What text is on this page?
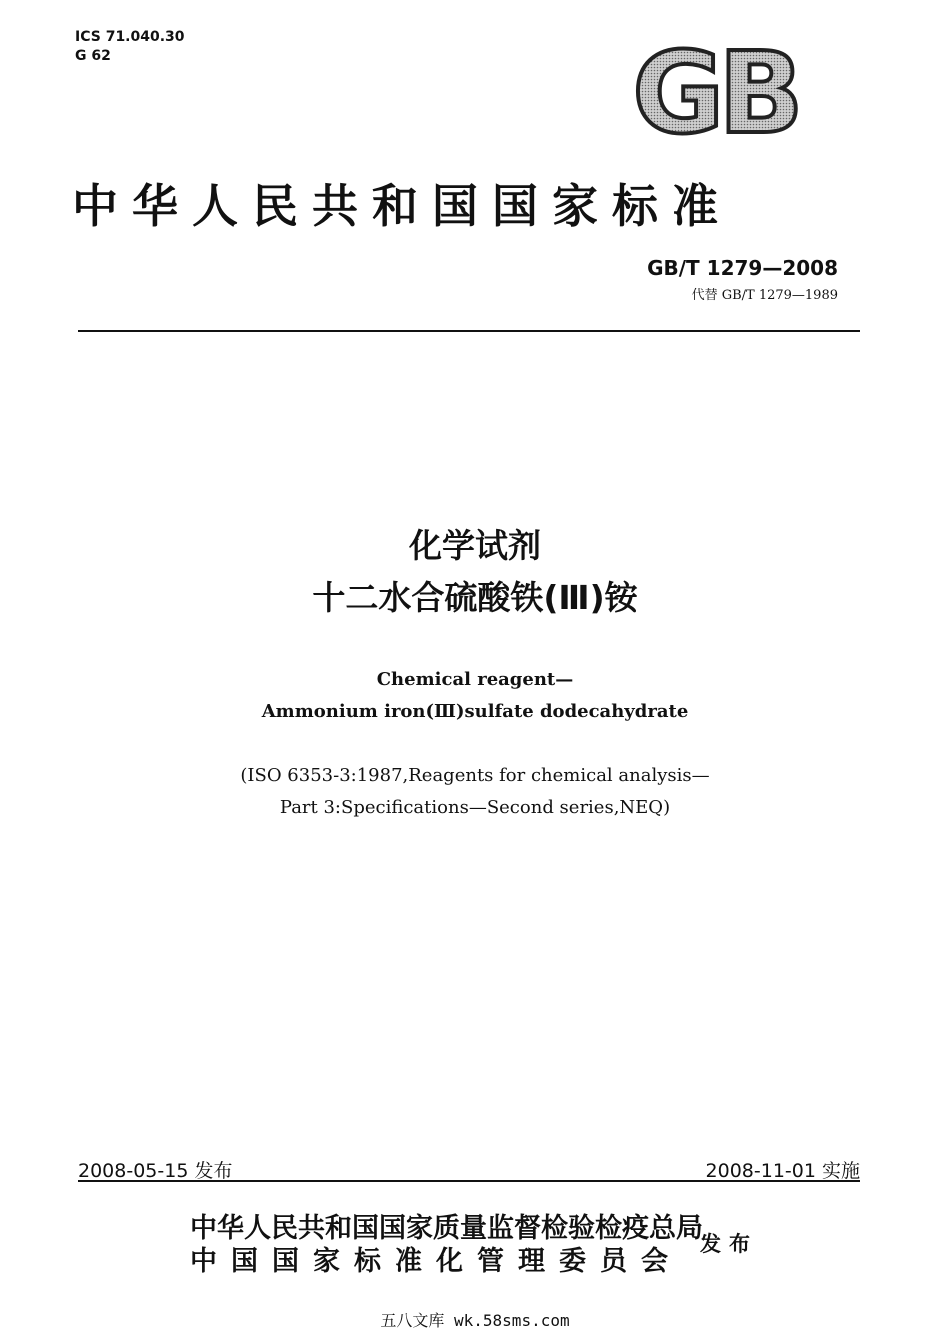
ICS 71.040.30
G 62	GB
中华人民共和国国家标准
GB/T 1279—2008
代替 GB/T 1279—1989
化学试剂
十二水合硫酸铁(Ⅲ)铵
Chemical reagent—
Ammonium iron(Ⅲ)sulfate dodecahydrate
(ISO 6353-3:1987,Reagents for chemical analysis—
Part 3:Specifications—Second series,NEQ)
2008-05-15 发布	2008-11-01 实施
中华人民共和国国家质量监督检验检疫总局
中国国家标准化管理委员会
发布
五八文库 wk.58sms.com
